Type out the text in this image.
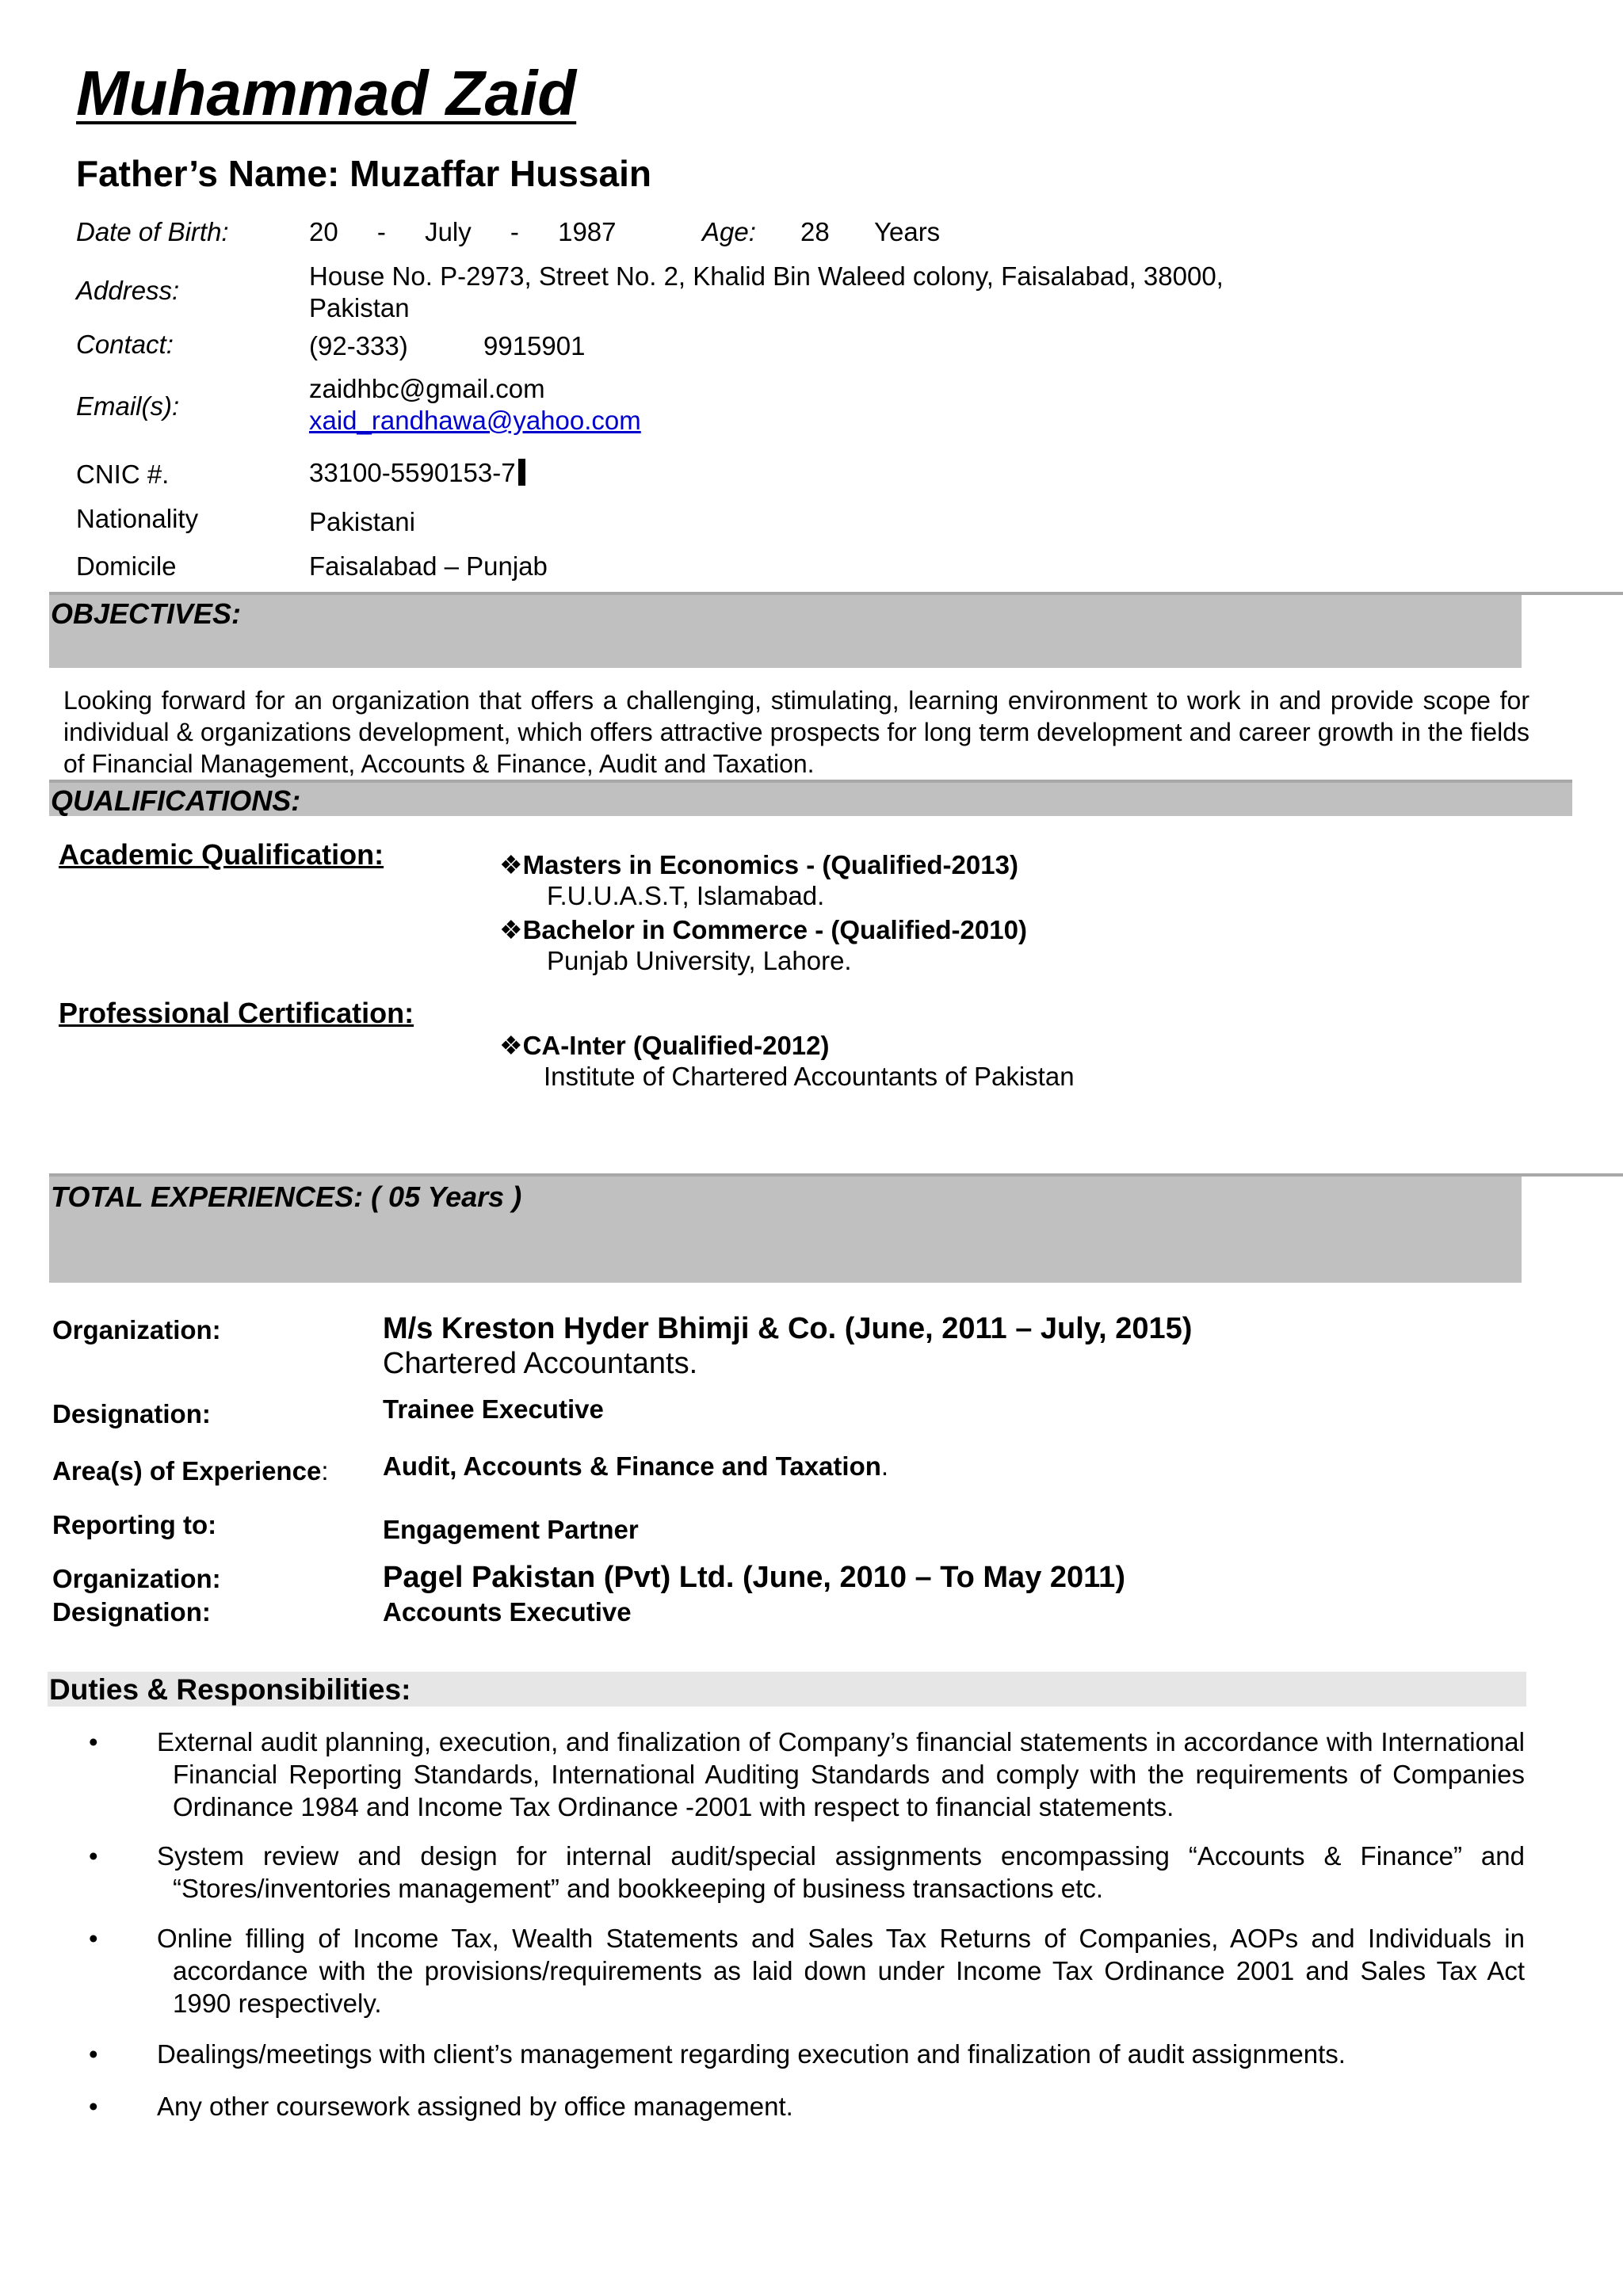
Muhammad Zaid
Father’s Name: Muzaffar Hussain
Date of Birth:	20 - July - 1987	Age: 28 Years
Address:	House No. P-2973, Street No. 2, Khalid Bin Waleed colony, Faisalabad, 38000,
Pakistan
Contact:	(92-333)	9915901
Email(s):
zaidhbc@gmail.com
xaid_randhawa@yahoo.com
CNIC #.	33100-5590153-7
Nationality	Pakistani
Domicile	Faisalabad – Punjab
OBJECTIVES:
Looking forward for an organization that offers a challenging, stimulating, learning environment to work in and provide scope for individual & organizations development, which offers attractive prospects for long term development and career growth in the fields of Financial Management, Accounts & Finance, Audit and Taxation.
QUALIFICATIONS:
Academic Qualification:	❖Masters in Economics - (Qualified-2013)
F.U.U.A.S.T, Islamabad.
❖Bachelor in Commerce - (Qualified-2010)
Punjab University, Lahore.
Professional Certification:
❖CA-Inter (Qualified-2012)
Institute of Chartered Accountants of Pakistan
TOTAL EXPERIENCES: ( 05 Years )
Organization:	M/s Kreston Hyder Bhimji & Co. (June, 2011 – July, 2015)
Chartered Accountants.
Designation:	Trainee Executive
Area(s) of Experience: Audit, Accounts & Finance and Taxation.
Reporting to:	Engagement Partner
Organization:	Pagel Pakistan (Pvt) Ltd. (June, 2010 – To May 2011)
Designation:	Accounts Executive
Duties & Responsibilities:
• External audit planning, execution, and finalization of Company’s financial statements in accordance with International Financial Reporting Standards, International Auditing Standards and comply with the requirements of Companies Ordinance 1984 and Income Tax Ordinance -2001 with respect to financial statements.
• System review and design for internal audit/special assignments encompassing “Accounts & Finance” and “Stores/inventories management” and bookkeeping of business transactions etc.
• Online filling of Income Tax, Wealth Statements and Sales Tax Returns of Companies, AOPs and Individuals in accordance with the provisions/requirements as laid down under Income Tax Ordinance 2001 and Sales Tax Act 1990 respectively.
• Dealings/meetings with client’s management regarding execution and finalization of audit assignments.
• Any other coursework assigned by office management.
